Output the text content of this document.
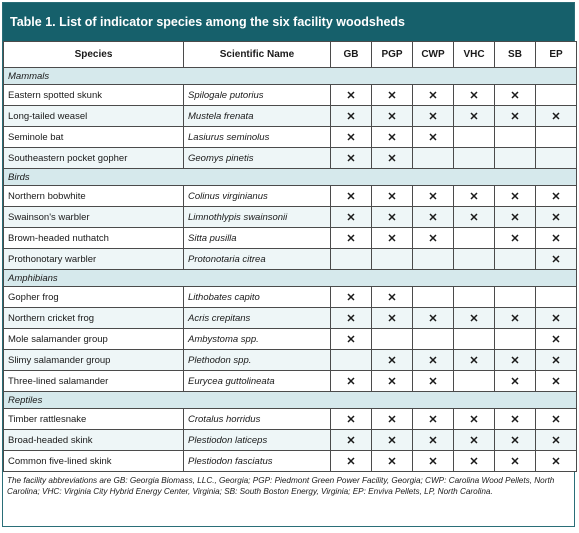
Table 1. List of indicator species among the six facility woodsheds
Species	Scientific Name	GB	PGP	CWP	VHC	SB	EP
Mammals							
Eastern spotted skunk	Spilogale putorius	✕	✕	✕	✕	✕	
Long-tailed weasel	Mustela frenata	✕	✕	✕	✕	✕	✕
Seminole bat	Lasiurus seminolus	✕	✕	✕			
Southeastern pocket gopher	Geomys pinetis	✕	✕				
Birds							
Northern bobwhite	Colinus virginianus	✕	✕	✕	✕	✕	✕
Swainson's warbler	Limnothlypis swainsonii	✕	✕	✕	✕	✕	✕
Brown-headed nuthatch	Sitta pusilla	✕	✕	✕		✕	✕
Prothonotary warbler	Protonotaria citrea						✕
Amphibians							
Gopher frog	Lithobates capito	✕	✕				
Northern cricket frog	Acris crepitans	✕	✕	✕	✕	✕	✕
Mole salamander group	Ambystoma spp.	✕					✕
Slimy salamander group	Plethodon spp.		✕	✕	✕	✕	✕
Three-lined salamander	Eurycea guttolineata	✕	✕	✕		✕	✕
Reptiles							
Timber rattlesnake	Crotalus horridus	✕	✕	✕	✕	✕	✕
Broad-headed skink	Plestiodon laticeps	✕	✕	✕	✕	✕	✕
Common five-lined skink	Plestiodon fasciatus	✕	✕	✕	✕	✕	✕
The facility abbreviations are GB: Georgia Biomass, LLC., Georgia; PGP: Piedmont Green Power Facility, Georgia; CWP: Carolina Wood Pellets, North Carolina; VHC: Virginia City Hybrid Energy Center, Virginia; SB: South Boston Energy, Virginia; EP: Enviva Pellets, LP, North Carolina.
